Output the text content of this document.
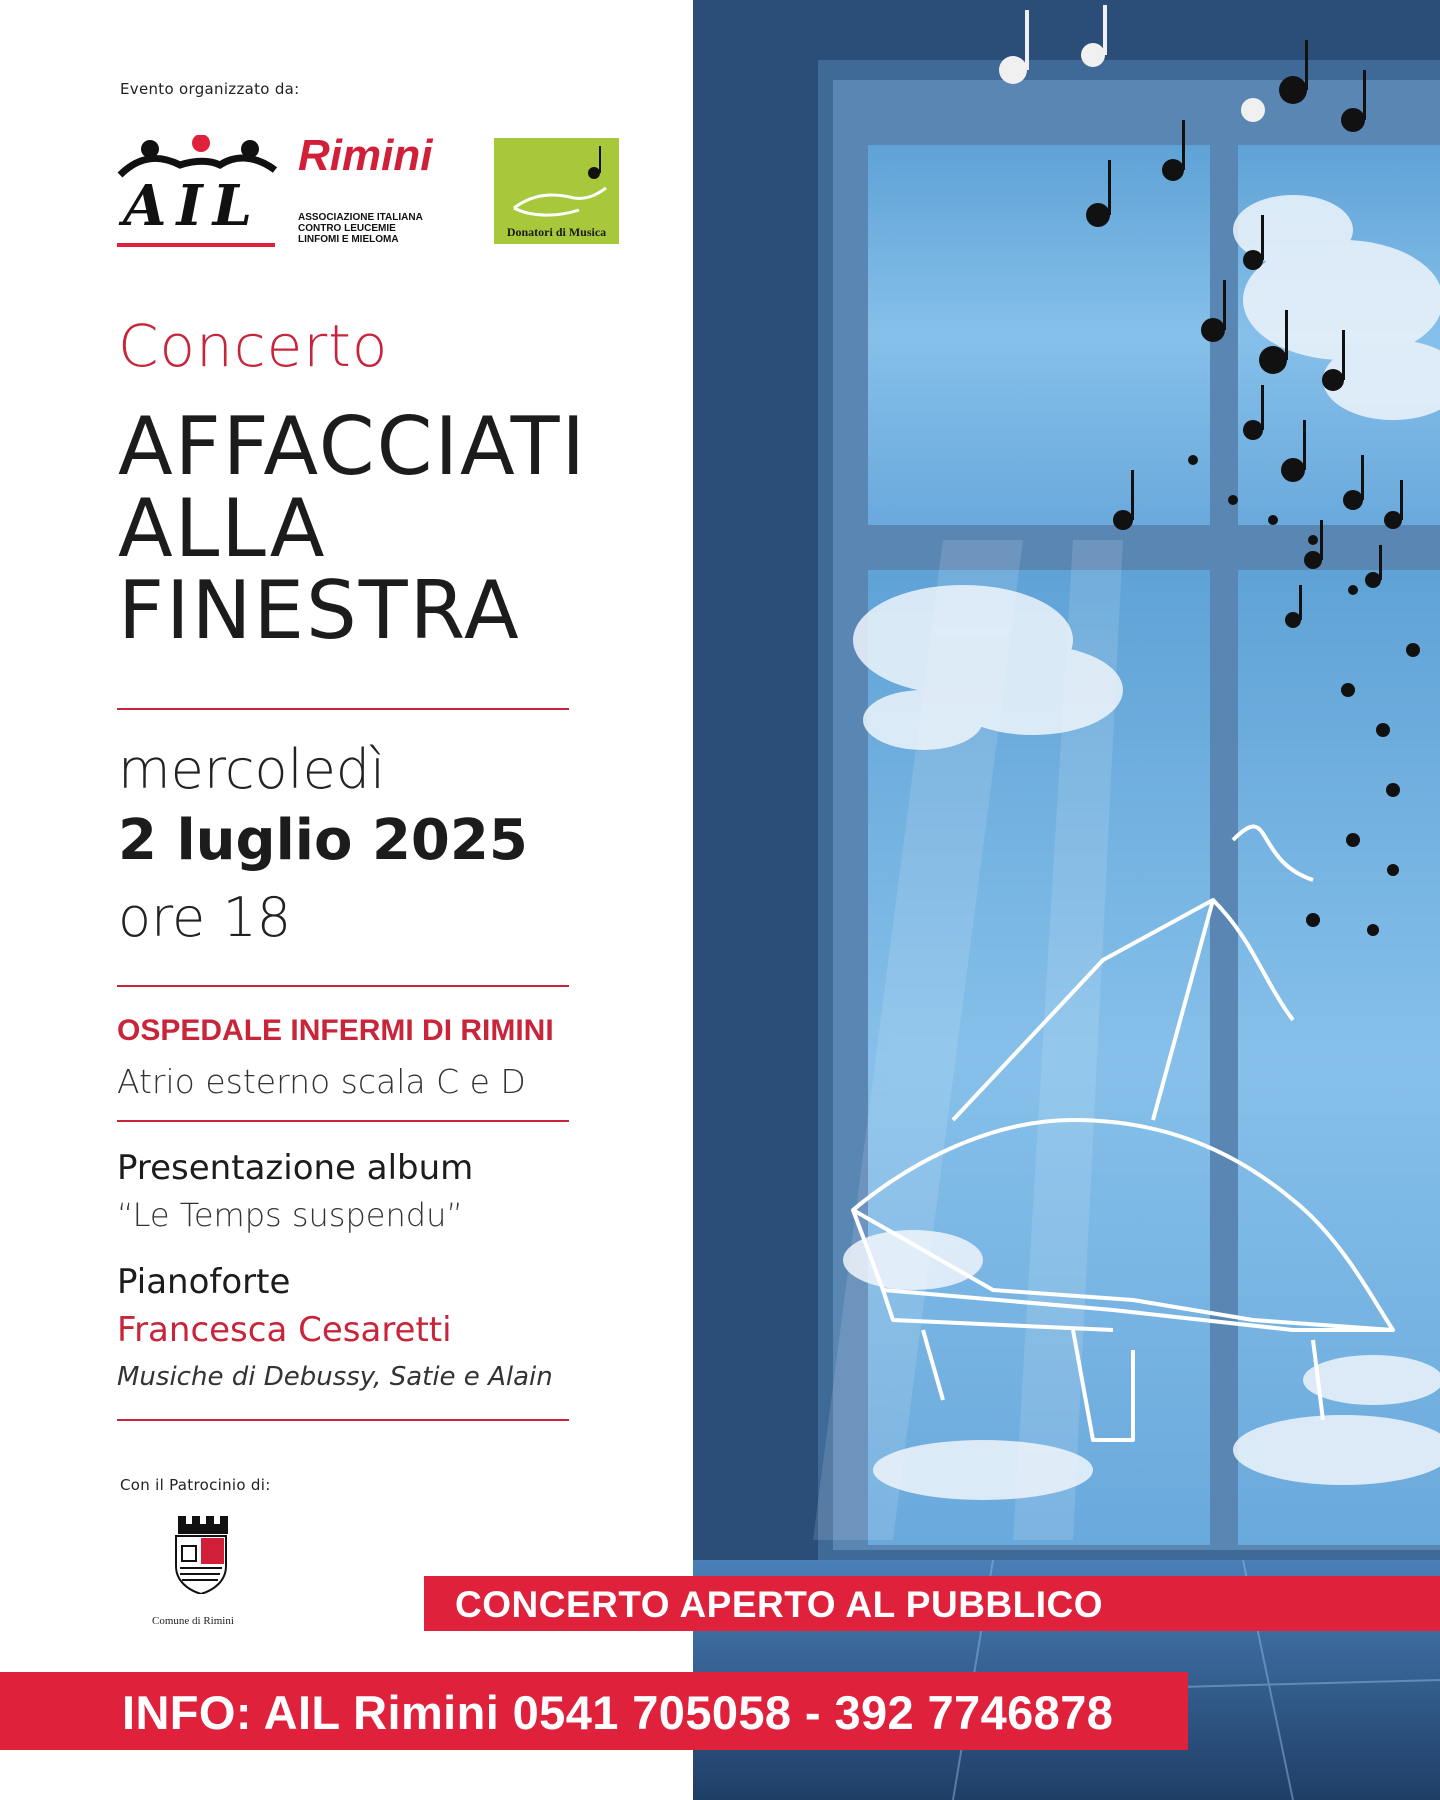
Evento organizzato da:
AIL
Rimini
ASSOCIAZIONE ITALIANA
CONTRO LEUCEMIE
LINFOMI E MIELOMA
Donatori di Musica
Concerto
AFFACCIATI
ALLA
FINESTRA
mercoledì
2 luglio 2025
ore 18
OSPEDALE INFERMI DI RIMINI
Atrio esterno scala C e D
Presentazione album
“Le Temps suspendu”
Pianoforte
Francesca Cesaretti
Musiche di Debussy, Satie e Alain
Con il Patrocinio di:
Comune di Rimini	CONCERTO APERTO AL PUBBLICO
INFO: AIL Rimini 0541 705058 - 392 7746878
